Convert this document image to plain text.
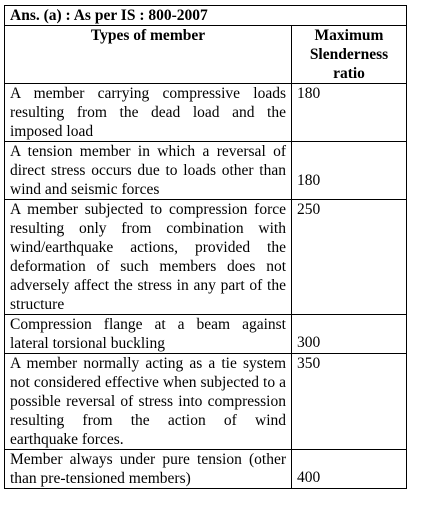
Ans. (a) : As per IS : 800-2007	
Types of member	Maximum
Slenderness
ratio

A member carrying compressive loads resulting from the dead load and the imposed load	180
A tension member in which a reversal of direct stress occurs due to loads other than wind and seismic forces	180
A member subjected to compression force resulting only from combination with wind/earthquake actions, provided the deformation of such members does not adversely affect the stress in any part of the structure	250
Compression flange at a beam against lateral torsional buckling	300
A member normally acting as a tie system not considered effective when subjected to a possible reversal of stress into compression resulting from the action of wind earthquake forces.	350
Member always under pure tension (other than pre-tensioned members)	400
